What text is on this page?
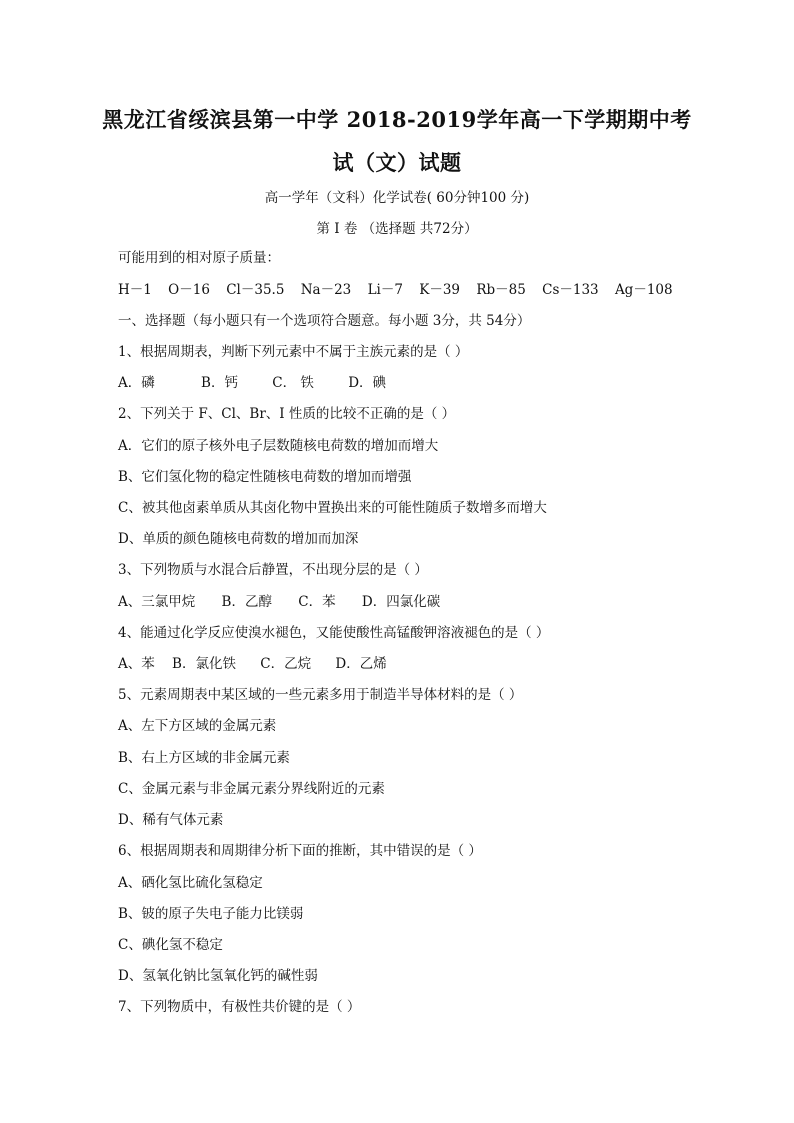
黑龙江省绥滨县第一中学 2018-2019学年高一下学期期中考
试（文）试题
高一学年（文科）化学试卷( 60分钟100 分)
第 I 卷 （选择题 共72分）
可能用到的相对原子质量：
H－1 O－16 Cl－35.5 Na－23 Li－7 K－39 Rb－85 Cs－133 Ag－108
一、选择题（每小题只有一个选项符合题意。每小题 3分，共 54分）
1、根据周期表，判断下列元素中不属于主族元素的是（ ）
A．磷	B．钙	C． 铁	D．碘
2、下列关于 F、Cl、Br、I 性质的比较不正确的是（ ）
A．它们的原子核外电子层数随核电荷数的增加而增大
B、它们氢化物的稳定性随核电荷数的增加而增强
C、被其他卤素单质从其卤化物中置换出来的可能性随质子数增多而增大
D、单质的颜色随核电荷数的增加而加深
3、下列物质与水混合后静置，不出现分层的是（ ）
A、三氯甲烷 B．乙醇 C．苯 D．四氯化碳
4、能通过化学反应使溴水褪色，又能使酸性高锰酸钾溶液褪色的是（ ）
A、苯 B．氯化铁 C．乙烷 D．乙烯
5、元素周期表中某区域的一些元素多用于制造半导体材料的是（ ）
A、左下方区域的金属元素
B、右上方区域的非金属元素
C、金属元素与非金属元素分界线附近的元素
D、稀有气体元素
6、根据周期表和周期律分析下面的推断，其中错误的是（ ）
A、硒化氢比硫化氢稳定
B、铍的原子失电子能力比镁弱
C、碘化氢不稳定
D、氢氧化钠比氢氧化钙的碱性弱
7、下列物质中，有极性共价键的是（ ）
